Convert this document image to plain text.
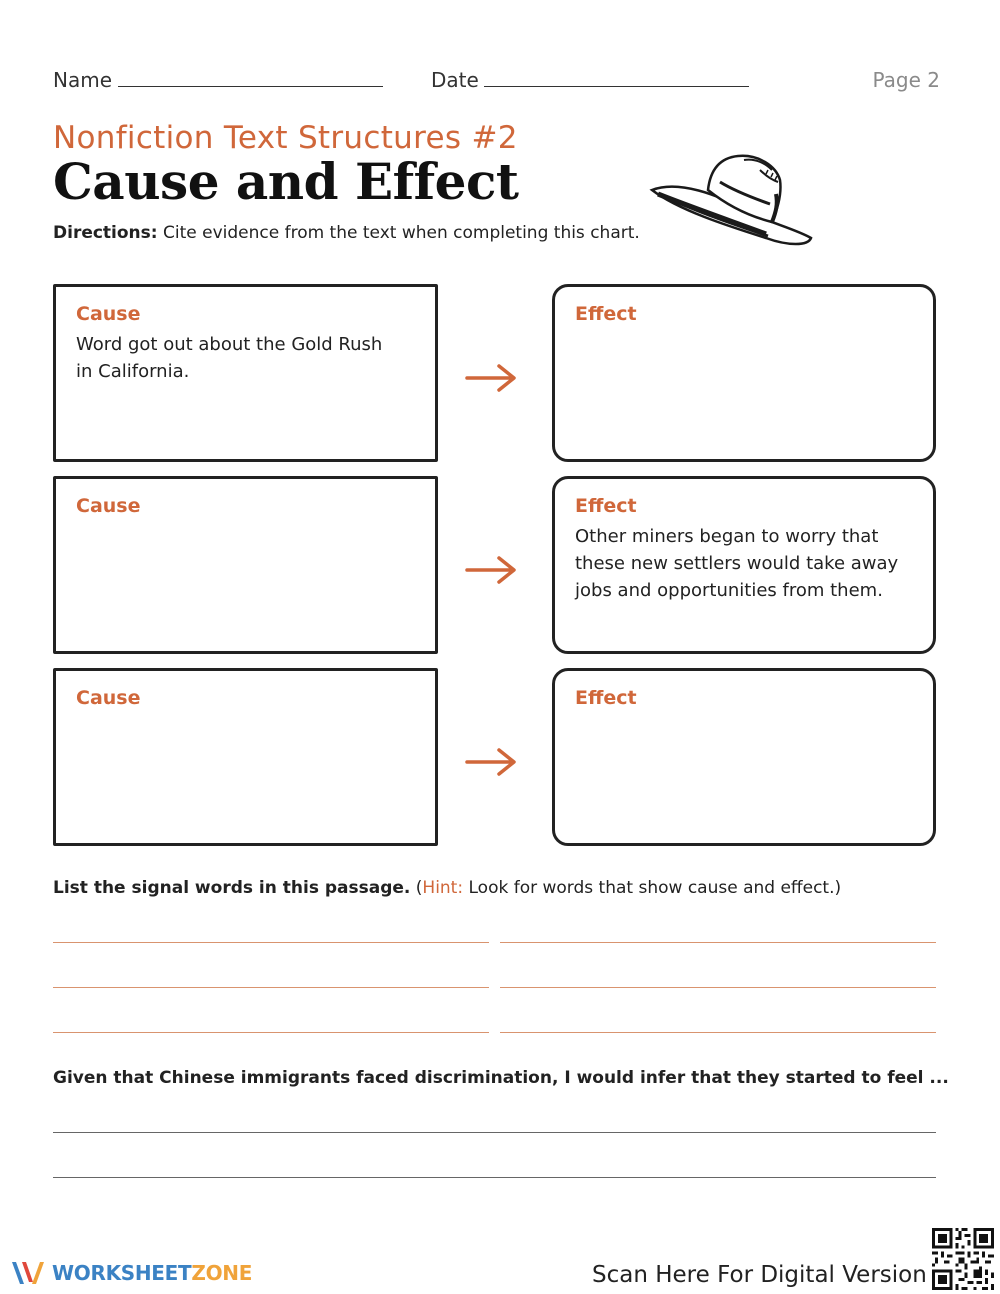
Name	Date	Page 2
Nonfiction Text Structures #2
Cause and Effect
Directions: Cite evidence from the text when completing this chart.
Cause
Word got out about the Gold Rush in California.
Effect
Cause	Effect
Other miners began to worry that these new settlers would take away jobs and opportunities from them.
Cause	Effect
List the signal words in this passage. (Hint: Look for words that show cause and effect.)
Given that Chinese immigrants faced discrimination, I would infer that they started to feel ...
WORKSHEETZONE	Scan Here For Digital Version
